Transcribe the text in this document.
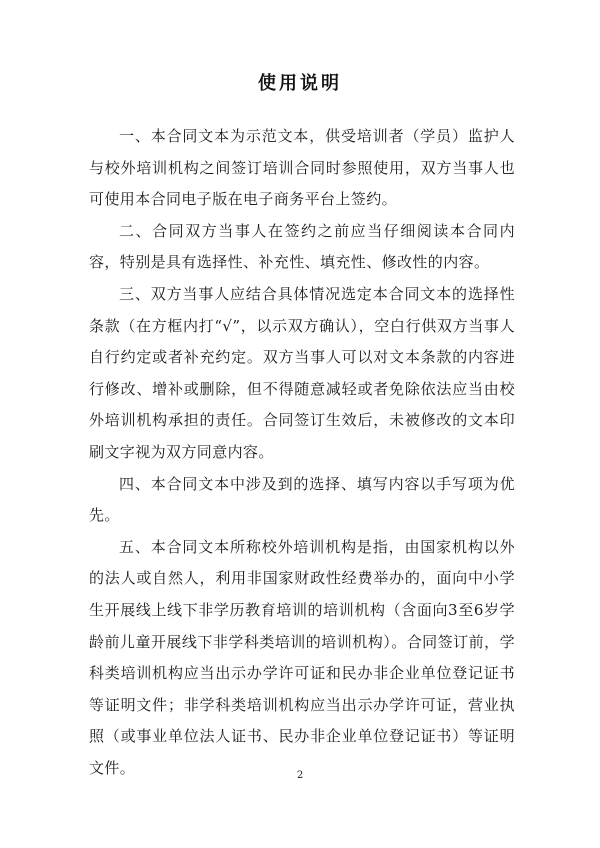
使用说明

一、本合同文本为示范文本，供受培训者（学员）监护人与校外培训机构之间签订培训合同时参照使用，双方当事人也可使用本合同电子版在电子商务平台上签约。

二、合同双方当事人在签约之前应当仔细阅读本合同内容，特别是具有选择性、补充性、填充性、修改性的内容。

三、双方当事人应结合具体情况选定本合同文本的选择性条款（在方框内打“√”，以示双方确认），空白行供双方当事人自行约定或者补充约定。双方当事人可以对文本条款的内容进行修改、增补或删除，但不得随意减轻或者免除依法应当由校外培训机构承担的责任。合同签订生效后，未被修改的文本印刷文字视为双方同意内容。

四、本合同文本中涉及到的选择、填写内容以手写项为优先。

五、本合同文本所称校外培训机构是指，由国家机构以外的法人或自然人，利用非国家财政性经费举办的，面向中小学生开展线上线下非学历教育培训的培训机构（含面向3至6岁学龄前儿童开展线下非学科类培训的培训机构）。合同签订前，学科类培训机构应当出示办学许可证和民办非企业单位登记证书等证明文件；非学科类培训机构应当出示办学许可证，营业执照（或事业单位法人证书、民办非企业单位登记证书）等证明文件。	2
